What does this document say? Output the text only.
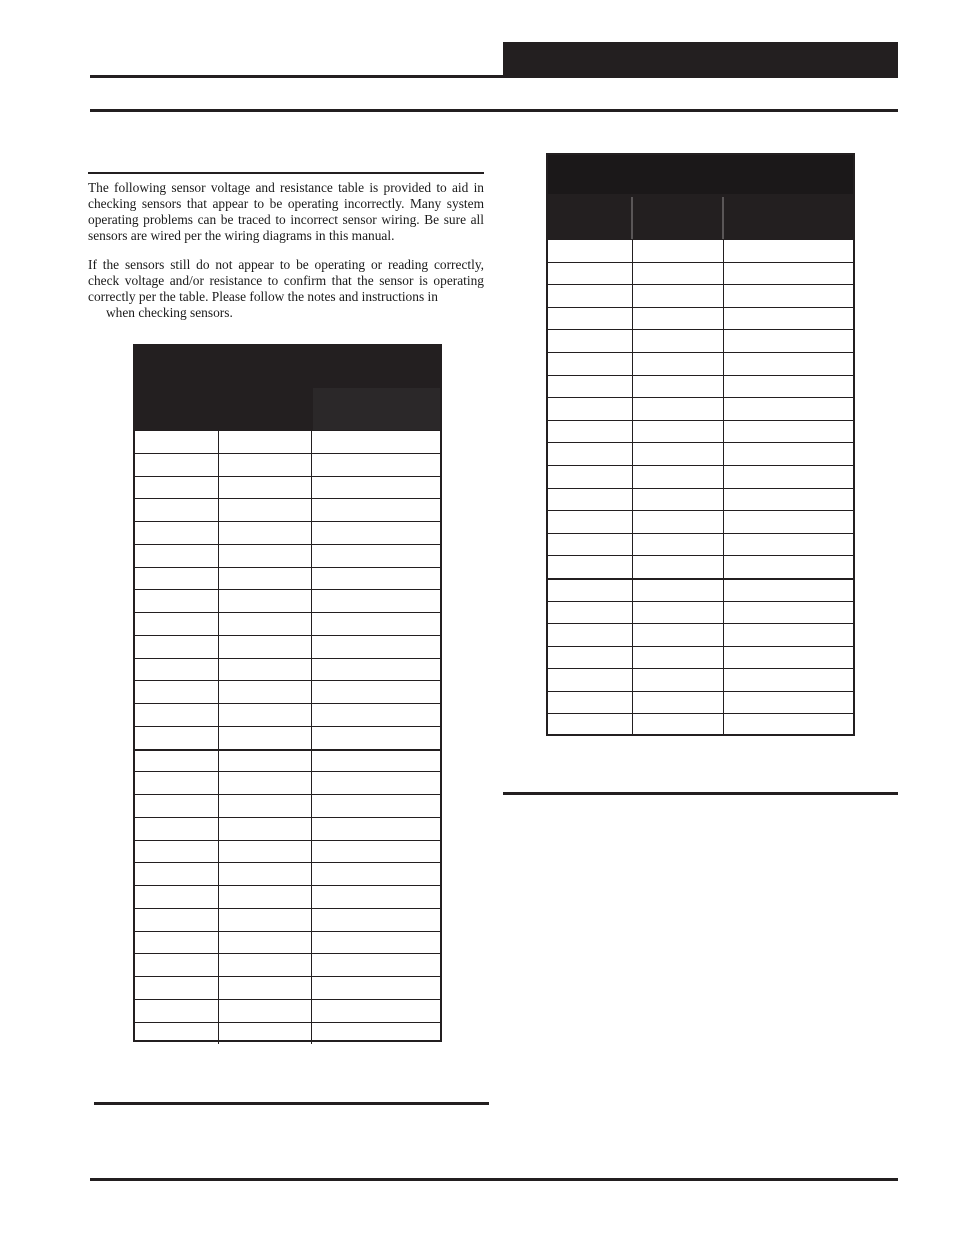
The following sensor voltage and resistance table is provided to aid in checking sensors that appear to be operating incorrectly. Many system operating problems can be traced to incorrect sensor wiring. Be sure all sensors are wired per the wiring diagrams in this manual.

If the sensors still do not appear to be operating or reading correctly, check voltage and/or resistance to confirm that the sensor is operating correctly per the table. Please follow the notes and instructions in
when checking sensors.
